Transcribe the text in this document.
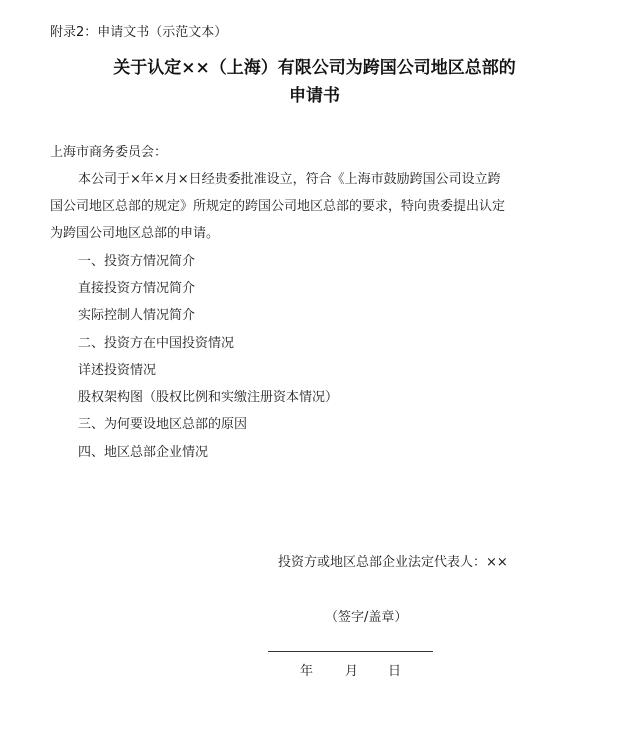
附录2：申请文书（示范文本）
关于认定××（上海）有限公司为跨国公司地区总部的
申请书
上海市商务委员会：
本公司于×年×月×日经贵委批准设立，符合《上海市鼓励跨国公司设立跨
国公司地区总部的规定》所规定的跨国公司地区总部的要求，特向贵委提出认定
为跨国公司地区总部的申请。
一、投资方情况简介
直接投资方情况简介
实际控制人情况简介
二、投资方在中国投资情况
详述投资情况
股权架构图（股权比例和实缴注册资本情况）
三、为何要设地区总部的原因
四、地区总部企业情况
投资方或地区总部企业法定代表人：××
（签字/盖章）
年 月 日
